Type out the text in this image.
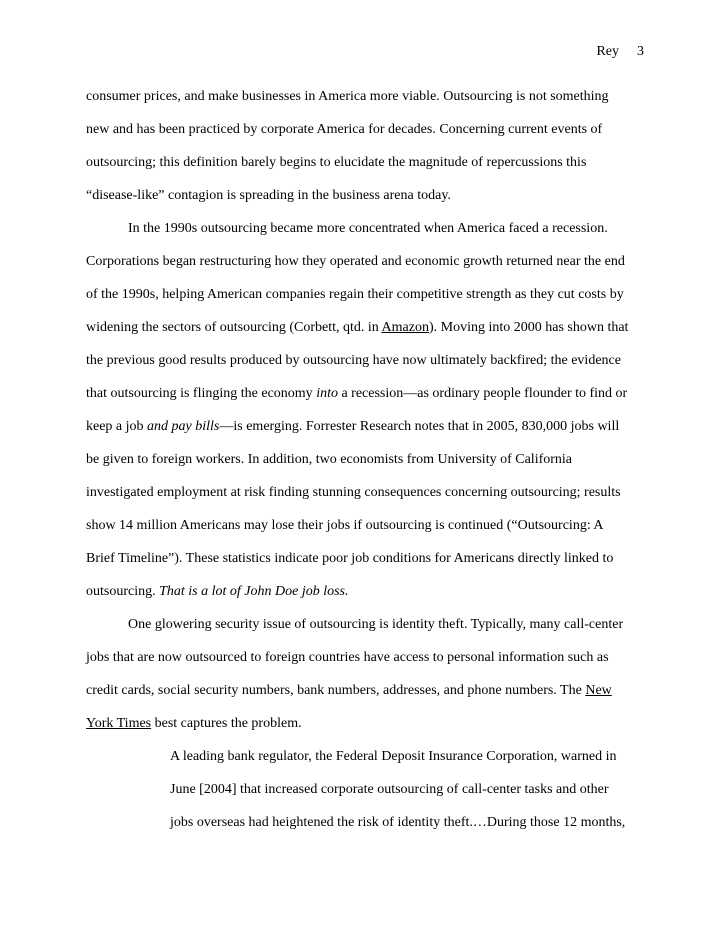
Rey 3
consumer prices, and make businesses in America more viable. Outsourcing is not something
new and has been practiced by corporate America for decades. Concerning current events of
outsourcing; this definition barely begins to elucidate the magnitude of repercussions this
“disease-like” contagion is spreading in the business arena today.
In the 1990s outsourcing became more concentrated when America faced a recession.
Corporations began restructuring how they operated and economic growth returned near the end
of the 1990s, helping American companies regain their competitive strength as they cut costs by
widening the sectors of outsourcing (Corbett, qtd. in Amazon). Moving into 2000 has shown that
the previous good results produced by outsourcing have now ultimately backfired; the evidence
that outsourcing is flinging the economy into a recession—as ordinary people flounder to find or
keep a job and pay bills—is emerging. Forrester Research notes that in 2005, 830,000 jobs will
be given to foreign workers. In addition, two economists from University of California
investigated employment at risk finding stunning consequences concerning outsourcing; results
show 14 million Americans may lose their jobs if outsourcing is continued (“Outsourcing: A
Brief Timeline”). These statistics indicate poor job conditions for Americans directly linked to
outsourcing. That is a lot of John Doe job loss.
One glowering security issue of outsourcing is identity theft. Typically, many call-center
jobs that are now outsourced to foreign countries have access to personal information such as
credit cards, social security numbers, bank numbers, addresses, and phone numbers. The New
York Times best captures the problem.
A leading bank regulator, the Federal Deposit Insurance Corporation, warned in
June [2004] that increased corporate outsourcing of call-center tasks and other
jobs overseas had heightened the risk of identity theft.…During those 12 months,
